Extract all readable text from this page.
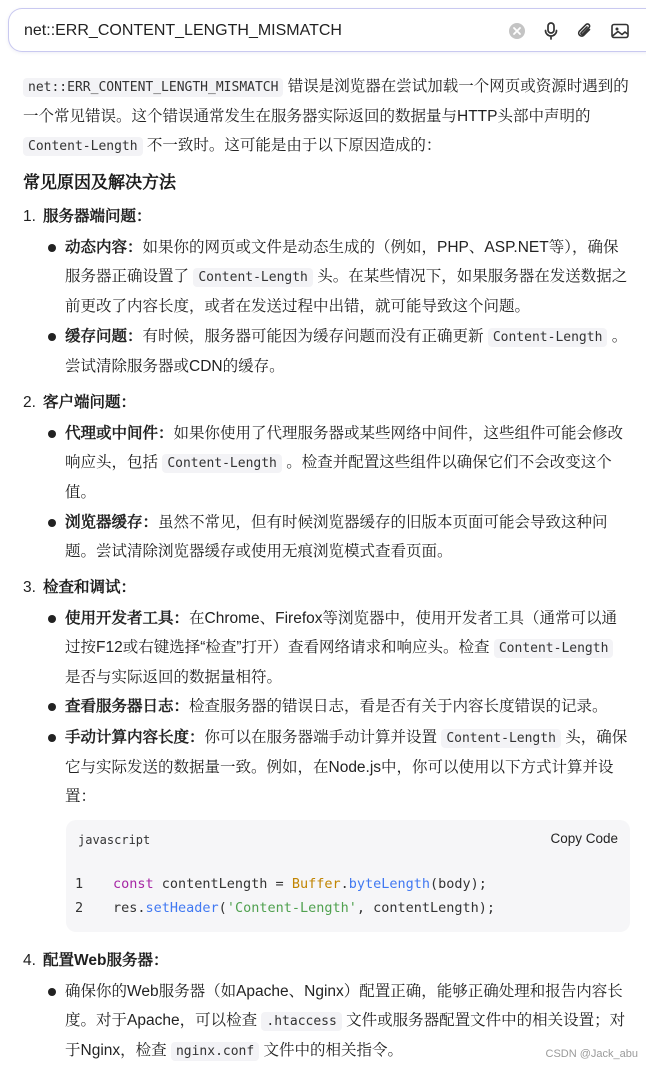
net::ERR_CONTENT_LENGTH_MISMATCH
net::ERR_CONTENT_LENGTH_MISMATCH 错误是浏览器在尝试加载一个网页或资源时遇到的一个常见错误。这个错误通常发生在服务器实际返回的数据量与HTTP头部中声明的 Content-Length 不一致时。这可能是由于以下原因造成的：
常见原因及解决方法
1. 服务器端问题：
动态内容：如果你的网页或文件是动态生成的（例如，PHP、ASP.NET等），确保服务器正确设置了 Content-Length 头。在某些情况下，如果服务器在发送数据之前更改了内容长度，或者在发送过程中出错，就可能导致这个问题。
缓存问题：有时候，服务器可能因为缓存问题而没有正确更新 Content-Length 。尝试清除服务器或CDN的缓存。
2. 客户端问题：
代理或中间件：如果你使用了代理服务器或某些网络中间件，这些组件可能会修改响应头，包括 Content-Length 。检查并配置这些组件以确保它们不会改变这个值。
浏览器缓存：虽然不常见，但有时候浏览器缓存的旧版本页面可能会导致这种问题。尝试清除浏览器缓存或使用无痕浏览模式查看页面。
3. 检查和调试：
使用开发者工具：在Chrome、Firefox等浏览器中，使用开发者工具（通常可以通过按F12或右键选择“检查”打开）查看网络请求和响应头。检查 Content-Length 是否与实际返回的数据量相符。
查看服务器日志：检查服务器的错误日志，看是否有关于内容长度错误的记录。
手动计算内容长度：你可以在服务器端手动计算并设置 Content-Length 头，确保它与实际发送的数据量一致。例如，在Node.js中，你可以使用以下方式计算并设置：
javascript	Copy Code
1 const contentLength = Buffer.byteLength(body);
2 res.setHeader('Content-Length', contentLength);
4. 配置Web服务器：
确保你的Web服务器（如Apache、Nginx）配置正确，能够正确处理和报告内容长度。对于Apache，可以检查 .htaccess 文件或服务器配置文件中的相关设置；对于Nginx，检查 nginx.conf 文件中的相关指令。	CSDN @Jack_abu
